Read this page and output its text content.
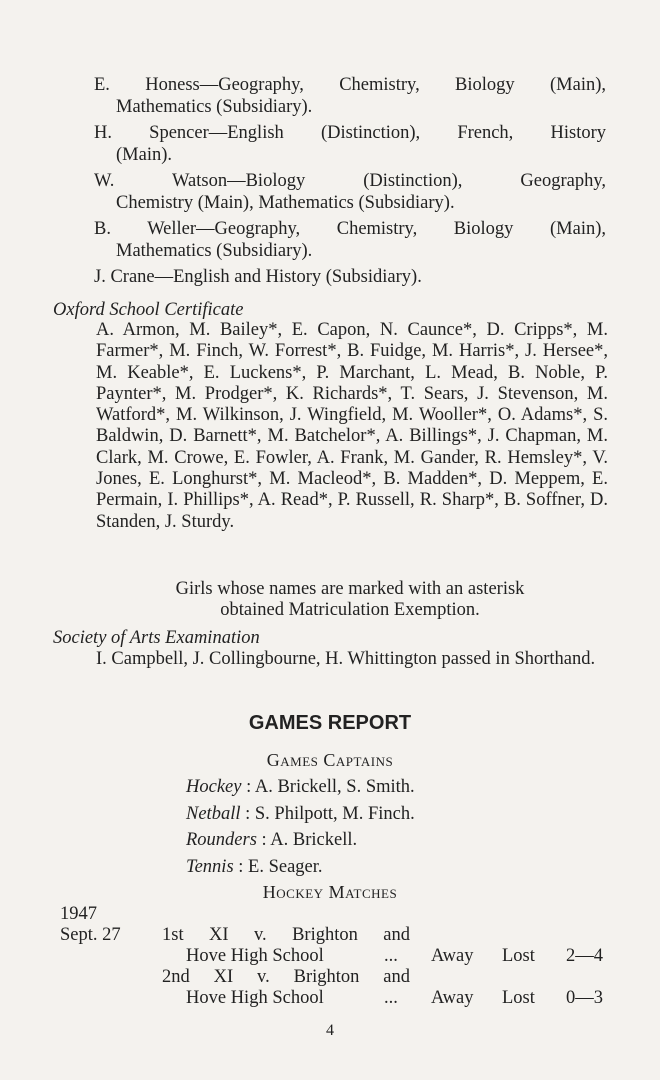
E. Honess—Geography, Chemistry, Biology (Main),
Mathematics (Subsidiary).
H. Spencer—English (Distinction), French, History
(Main).
W. Watson—Biology (Distinction), Geography,
Chemistry (Main), Mathematics (Subsidiary).
B. Weller—Geography, Chemistry, Biology (Main),
Mathematics (Subsidiary).
J. Crane—English and History (Subsidiary).
Oxford School Certificate
A. Armon, M. Bailey*, E. Capon, N. Caunce*, D. Cripps*, M. Farmer*, M. Finch, W. Forrest*, B. Fuidge, M. Harris*, J. Hersee*, M. Keable*, E. Luckens*, P. Marchant, L. Mead, B. Noble, P. Paynter*, M. Prodger*, K. Richards*, T. Sears, J. Stevenson, M. Watford*, M. Wilkinson, J. Wingfield, M. Wooller*, O. Adams*, S. Baldwin, D. Barnett*, M. Batchelor*, A. Billings*, J. Chapman, M. Clark, M. Crowe, E. Fowler, A. Frank, M. Gander, R. Hemsley*, V. Jones, E. Longhurst*, M. Macleod*, B. Madden*, D. Meppem, E. Permain, I. Phillips*, A. Read*, P. Russell, R. Sharp*, B. Soffner, D. Standen, J. Sturdy.
Girls whose names are marked with an asterisk
obtained Matriculation Exemption.
Society of Arts Examination
I. Campbell, J. Collingbourne, H. Whittington passed in Shorthand.
GAMES REPORT
Games Captains
Hockey : A. Brickell, S. Smith.
Netball : S. Philpott, M. Finch.
Rounders : A. Brickell.
Tennis : E. Seager.
Hockey Matches
1947
Sept. 27 1st XI v. Brighton and
Hove High School	... Away Lost 2—4
2nd XI v. Brighton and
Hove High School	... Away Lost 0—3
4
